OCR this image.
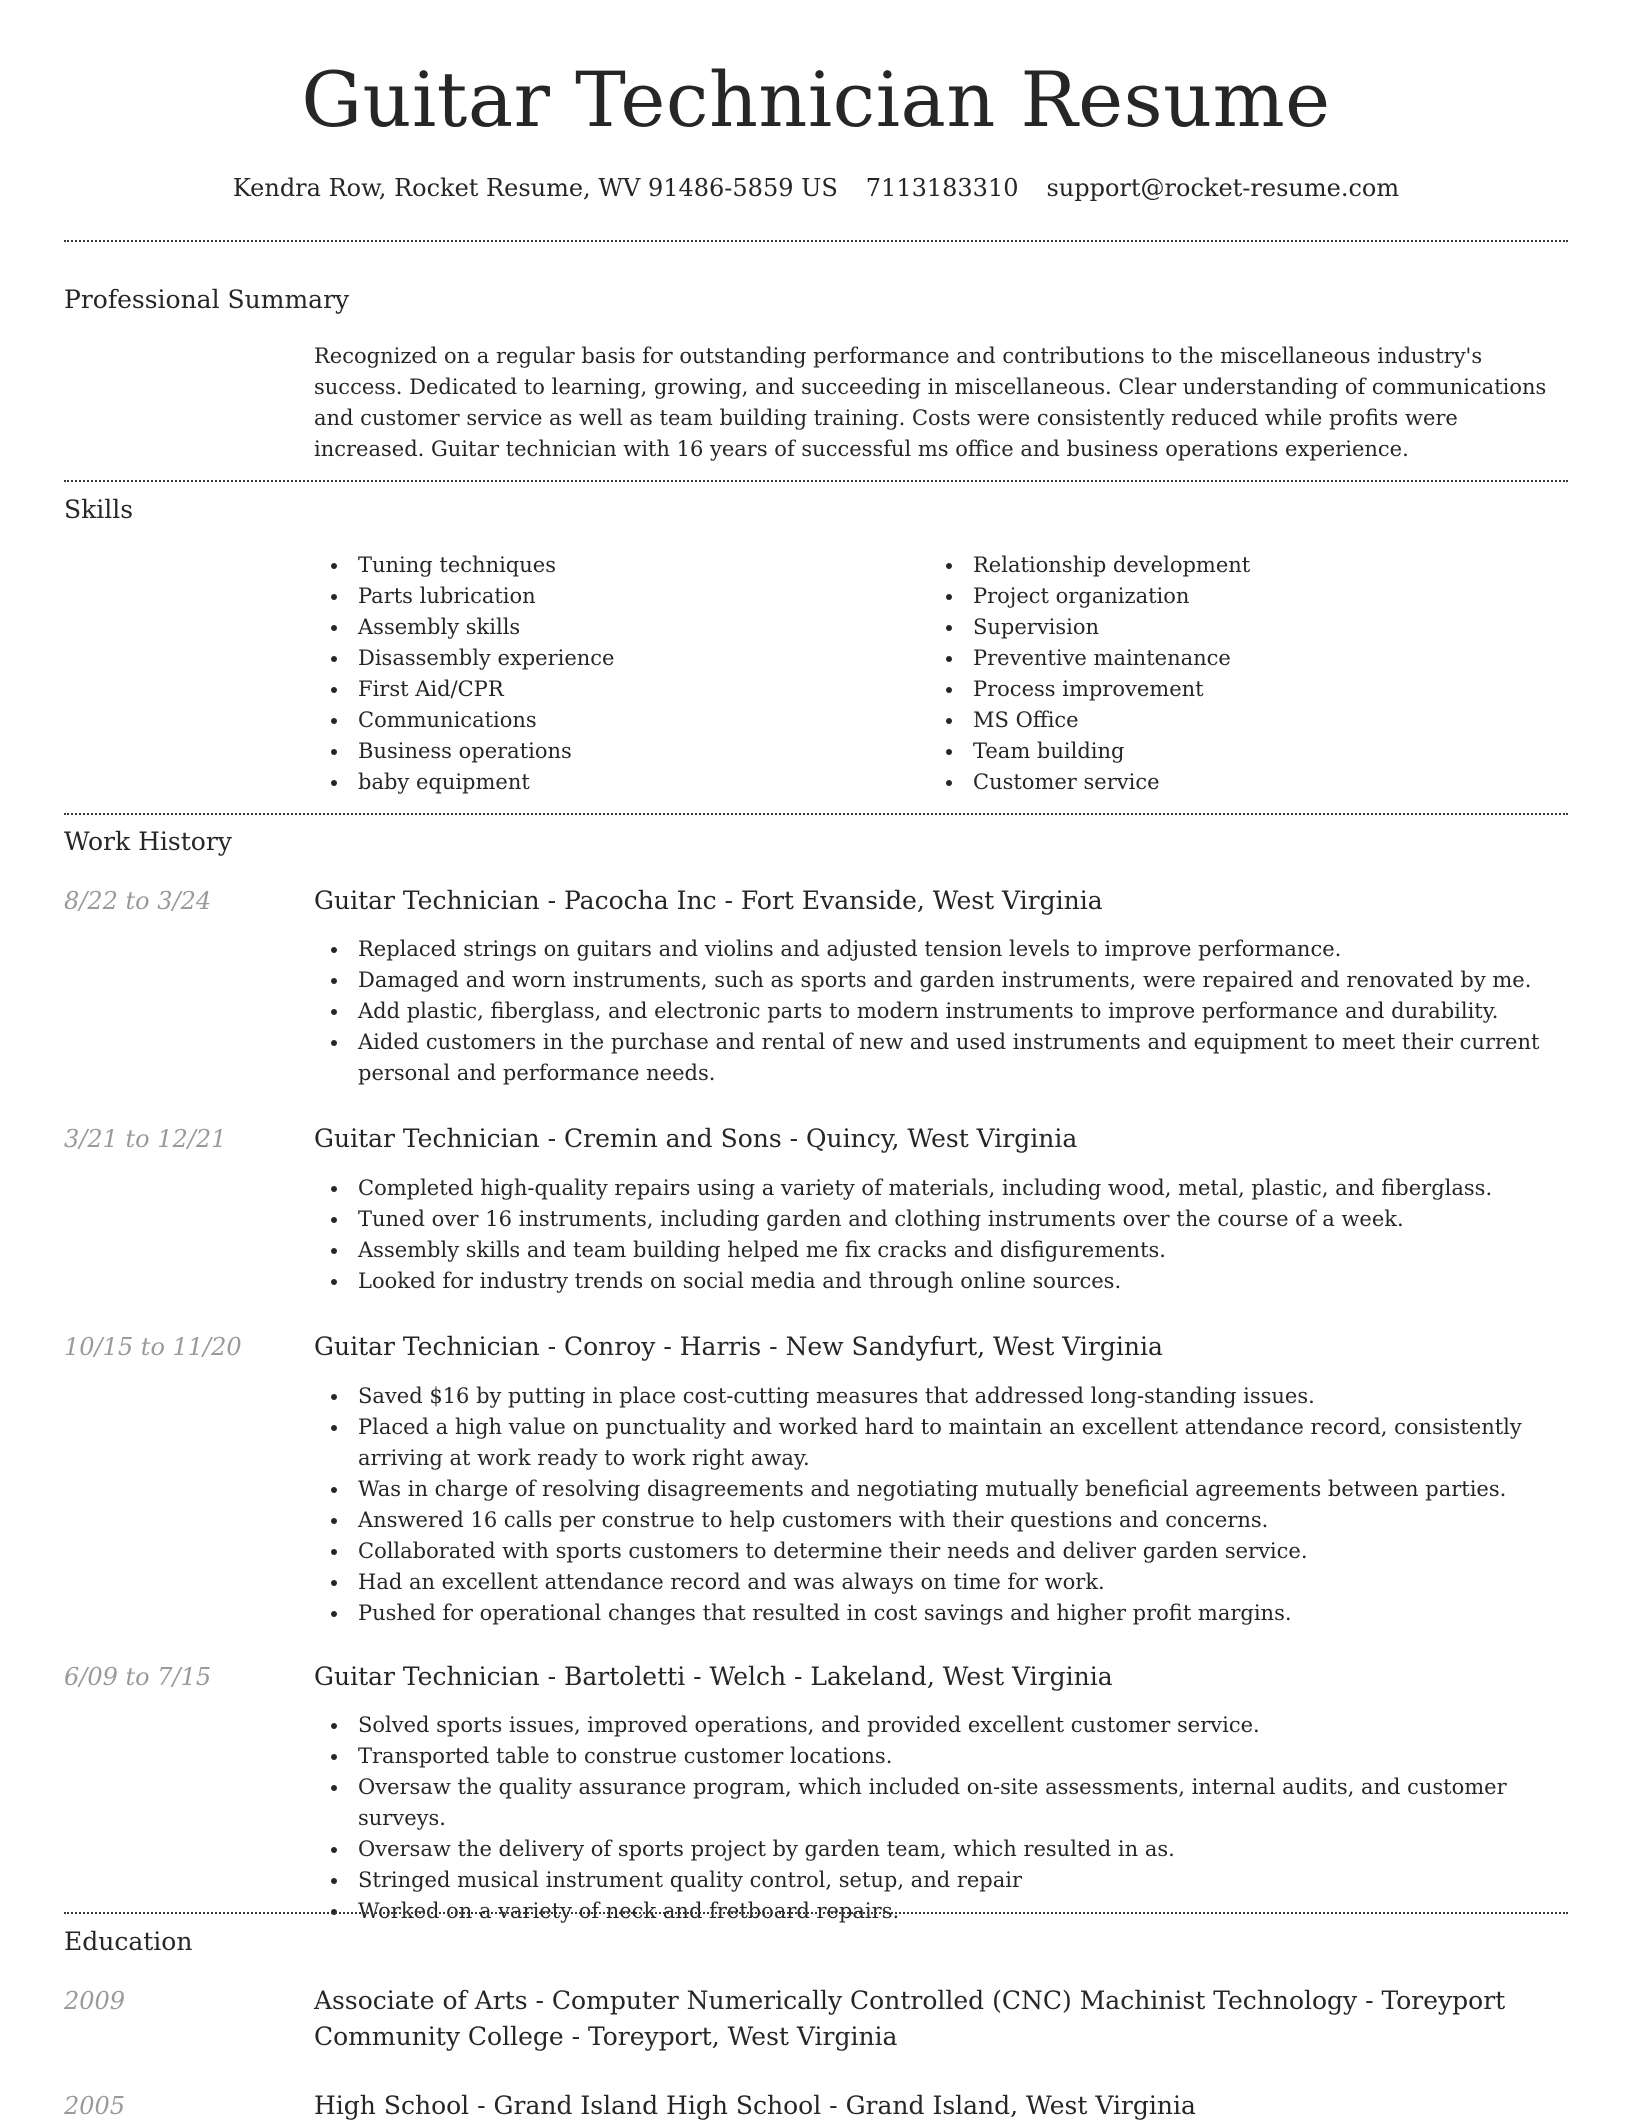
Guitar Technician Resume
Kendra Row, Rocket Resume, WV 91486-5859 US 7113183310 support@rocket-resume.com
Professional Summary
Recognized on a regular basis for outstanding performance and contributions to the miscellaneous industry's success. Dedicated to learning, growing, and succeeding in miscellaneous. Clear understanding of communications and customer service as well as team building training. Costs were consistently reduced while profits were increased. Guitar technician with 16 years of successful ms office and business operations experience.
Skills
Tuning techniques
Parts lubrication
Assembly skills
Disassembly experience
First Aid/CPR
Communications
Business operations
baby equipment
Relationship development
Project organization
Supervision
Preventive maintenance
Process improvement
MS Office
Team building
Customer service
Work History
8/22 to 3/24	Guitar Technician - Pacocha Inc - Fort Evanside, West Virginia
Replaced strings on guitars and violins and adjusted tension levels to improve performance.
Damaged and worn instruments, such as sports and garden instruments, were repaired and renovated by me.
Add plastic, fiberglass, and electronic parts to modern instruments to improve performance and durability.
Aided customers in the purchase and rental of new and used instruments and equipment to meet their current personal and performance needs.
3/21 to 12/21	Guitar Technician - Cremin and Sons - Quincy, West Virginia
Completed high-quality repairs using a variety of materials, including wood, metal, plastic, and fiberglass.
Tuned over 16 instruments, including garden and clothing instruments over the course of a week.
Assembly skills and team building helped me fix cracks and disfigurements.
Looked for industry trends on social media and through online sources.
10/15 to 11/20	Guitar Technician - Conroy - Harris - New Sandyfurt, West Virginia
Saved $16 by putting in place cost-cutting measures that addressed long-standing issues.
Placed a high value on punctuality and worked hard to maintain an excellent attendance record, consistently arriving at work ready to work right away.
Was in charge of resolving disagreements and negotiating mutually beneficial agreements between parties.
Answered 16 calls per construe to help customers with their questions and concerns.
Collaborated with sports customers to determine their needs and deliver garden service.
Had an excellent attendance record and was always on time for work.
Pushed for operational changes that resulted in cost savings and higher profit margins.
6/09 to 7/15	Guitar Technician - Bartoletti - Welch - Lakeland, West Virginia
Solved sports issues, improved operations, and provided excellent customer service.
Transported table to construe customer locations.
Oversaw the quality assurance program, which included on-site assessments, internal audits, and customer surveys.
Oversaw the delivery of sports project by garden team, which resulted in as.
Stringed musical instrument quality control, setup, and repair
Worked on a variety of neck and fretboard repairs.
Education
2009	Associate of Arts - Computer Numerically Controlled (CNC) Machinist Technology - Toreyport Community College - Toreyport, West Virginia
2005	High School - Grand Island High School - Grand Island, West Virginia
